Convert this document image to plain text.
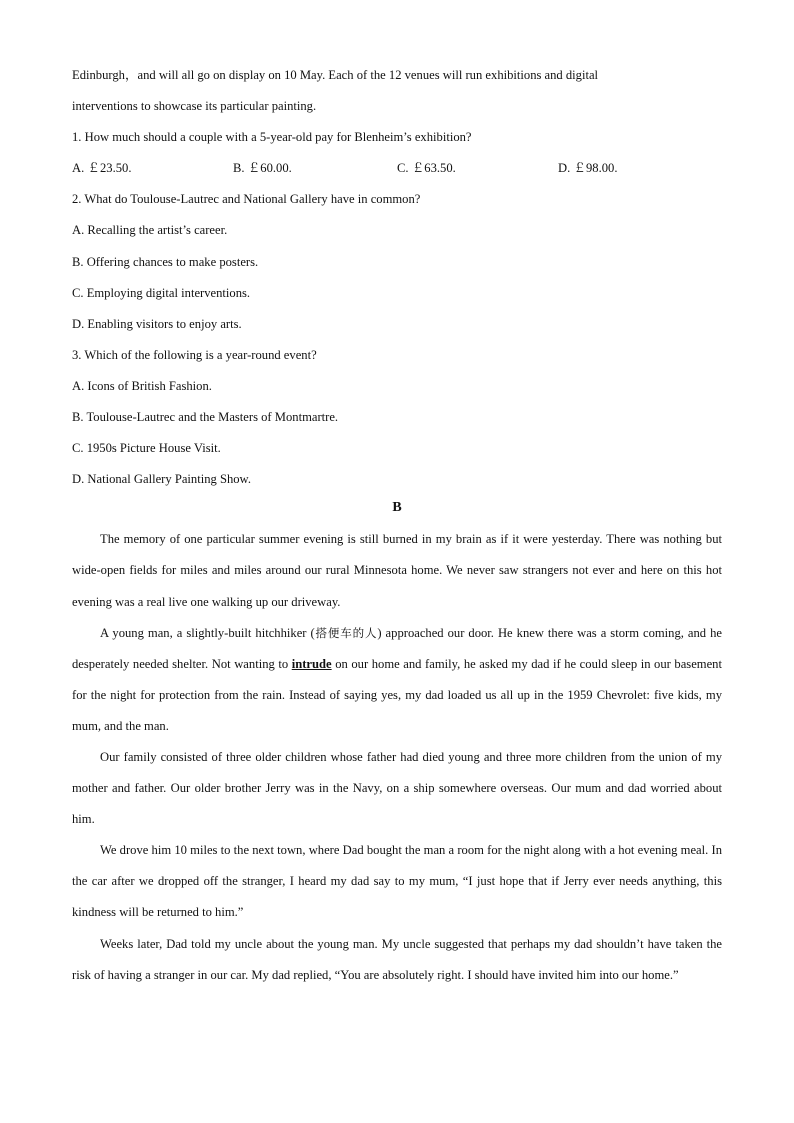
Edinburgh，and will all go on display on 10 May. Each of the 12 venues will run exhibitions and digital

interventions to showcase its particular painting.

1. How much should a couple with a 5-year-old pay for Blenheim’s exhibition?

A. ￡23.50.	B. ￡60.00.	C. ￡63.50.	D. ￡98.00.

2. What do Toulouse-Lautrec and National Gallery have in common?

A. Recalling the artist’s career.

B. Offering chances to make posters.

C. Employing digital interventions.

D. Enabling visitors to enjoy arts.

3. Which of the following is a year-round event?

A. Icons of British Fashion.

B. Toulouse-Lautrec and the Masters of Montmartre.

C. 1950s Picture House Visit.

D. National Gallery Painting Show.

B

The memory of one particular summer evening is still burned in my brain as if it were yesterday. There was nothing but wide-open fields for miles and miles around our rural Minnesota home. We never saw strangers not ever and here on this hot evening was a real live one walking up our driveway.

A young man, a slightly-built hitchhiker (搭便车的人) approached our door. He knew there was a storm coming, and he desperately needed shelter. Not wanting to intrude on our home and family, he asked my dad if he could sleep in our basement for the night for protection from the rain. Instead of saying yes, my dad loaded us all up in the 1959 Chevrolet: five kids, my mum, and the man.

Our family consisted of three older children whose father had died young and three more children from the union of my mother and father. Our older brother Jerry was in the Navy, on a ship somewhere overseas. Our mum and dad worried about him.

We drove him 10 miles to the next town, where Dad bought the man a room for the night along with a hot evening meal. In the car after we dropped off the stranger, I heard my dad say to my mum, “I just hope that if Jerry ever needs anything, this kindness will be returned to him.”

Weeks later, Dad told my uncle about the young man. My uncle suggested that perhaps my dad shouldn’t have taken the risk of having a stranger in our car. My dad replied, “You are absolutely right. I should have invited him into our home.”
